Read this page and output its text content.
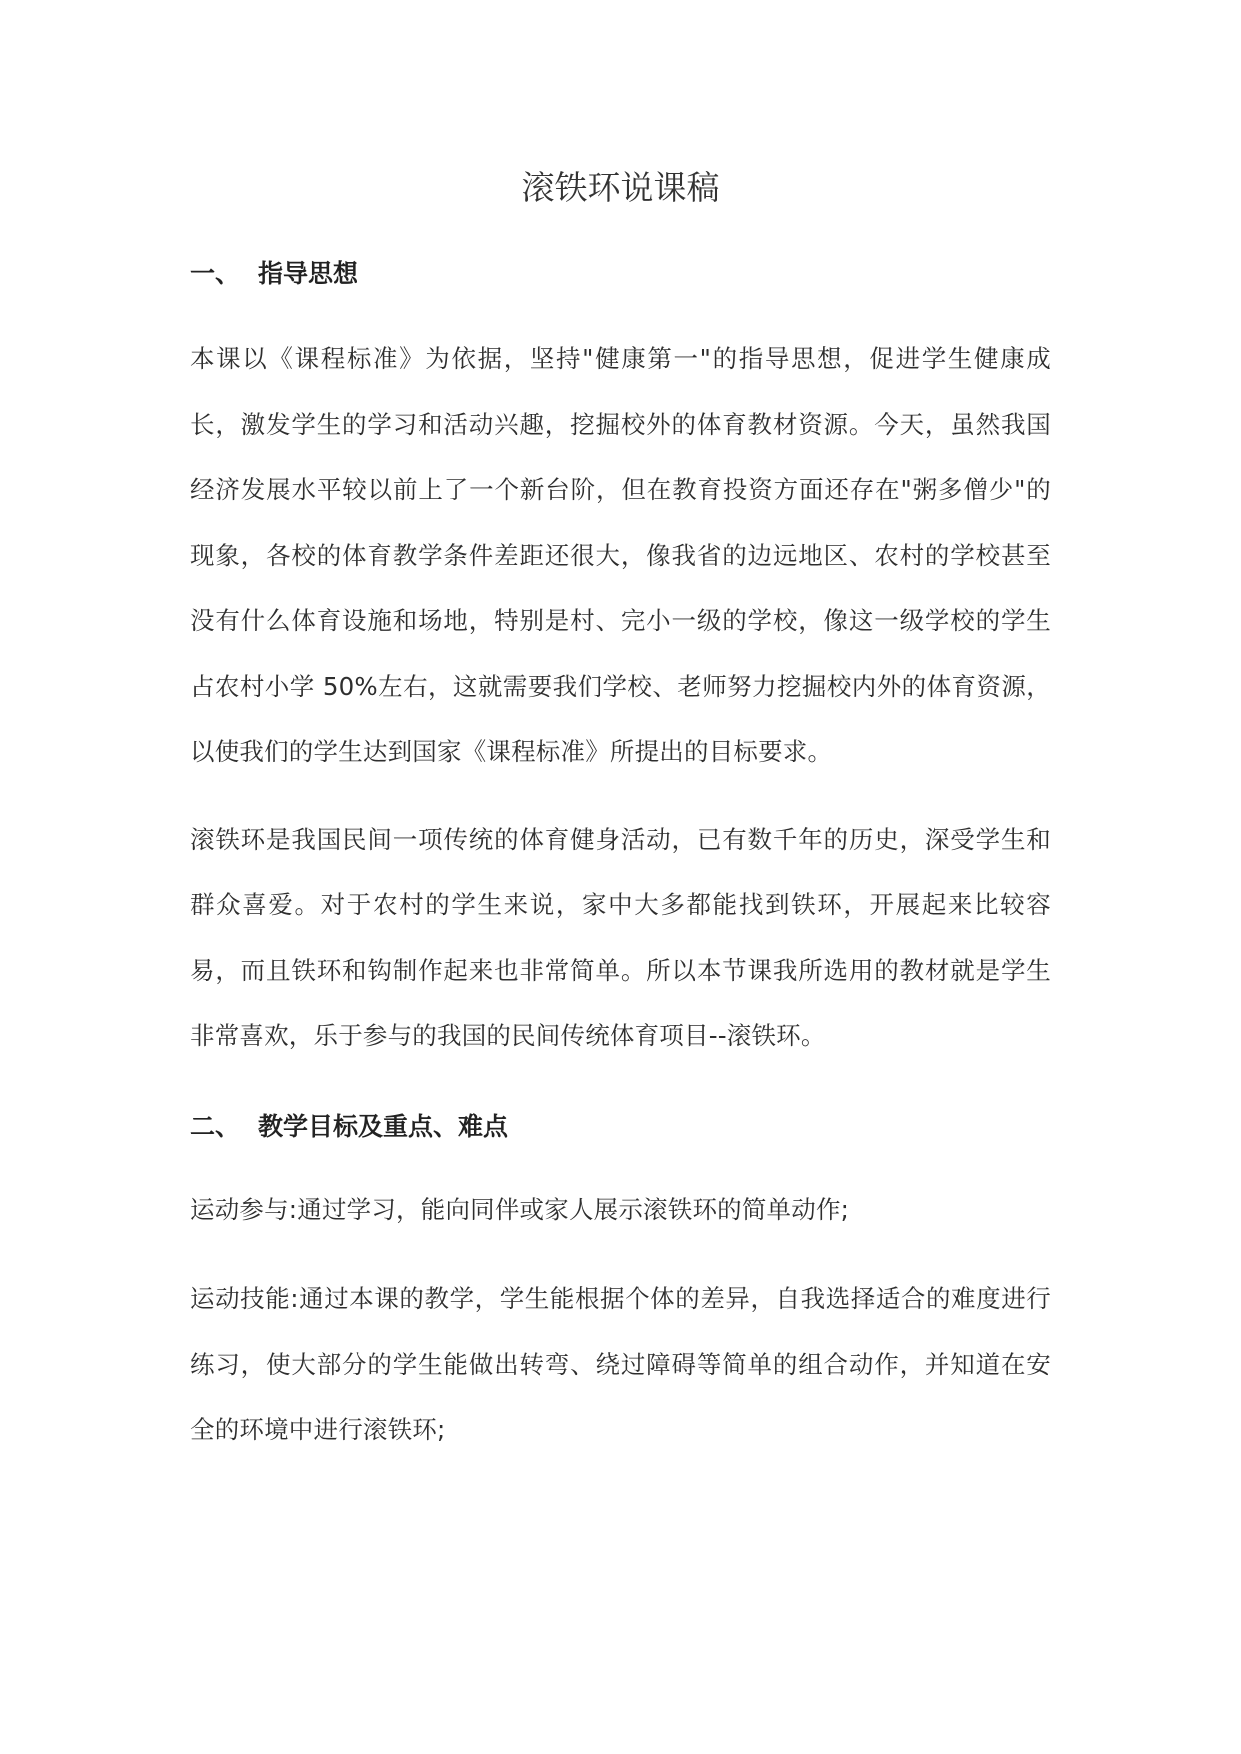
滚铁环说课稿
一、 指导思想

本课以《课程标准》为依据，坚持"健康第一"的指导思想，促进学生健康成长，激发学生的学习和活动兴趣，挖掘校外的体育教材资源。今天，虽然我国经济发展水平较以前上了一个新台阶，但在教育投资方面还存在"粥多僧少"的现象，各校的体育教学条件差距还很大，像我省的边远地区、农村的学校甚至没有什么体育设施和场地，特别是村、完小一级的学校，像这一级学校的学生占农村小学 50%左右，这就需要我们学校、老师努力挖掘校内外的体育资源，以使我们的学生达到国家《课程标准》所提出的目标要求。

滚铁环是我国民间一项传统的体育健身活动，已有数千年的历史，深受学生和群众喜爱。对于农村的学生来说，家中大多都能找到铁环，开展起来比较容易，而且铁环和钩制作起来也非常简单。所以本节课我所选用的教材就是学生非常喜欢，乐于参与的我国的民间传统体育项目--滚铁环。

二、 教学目标及重点、难点

运动参与:通过学习，能向同伴或家人展示滚铁环的简单动作;

运动技能:通过本课的教学，学生能根据个体的差异，自我选择适合的难度进行练习，使大部分的学生能做出转弯、绕过障碍等简单的组合动作，并知道在安全的环境中进行滚铁环;
